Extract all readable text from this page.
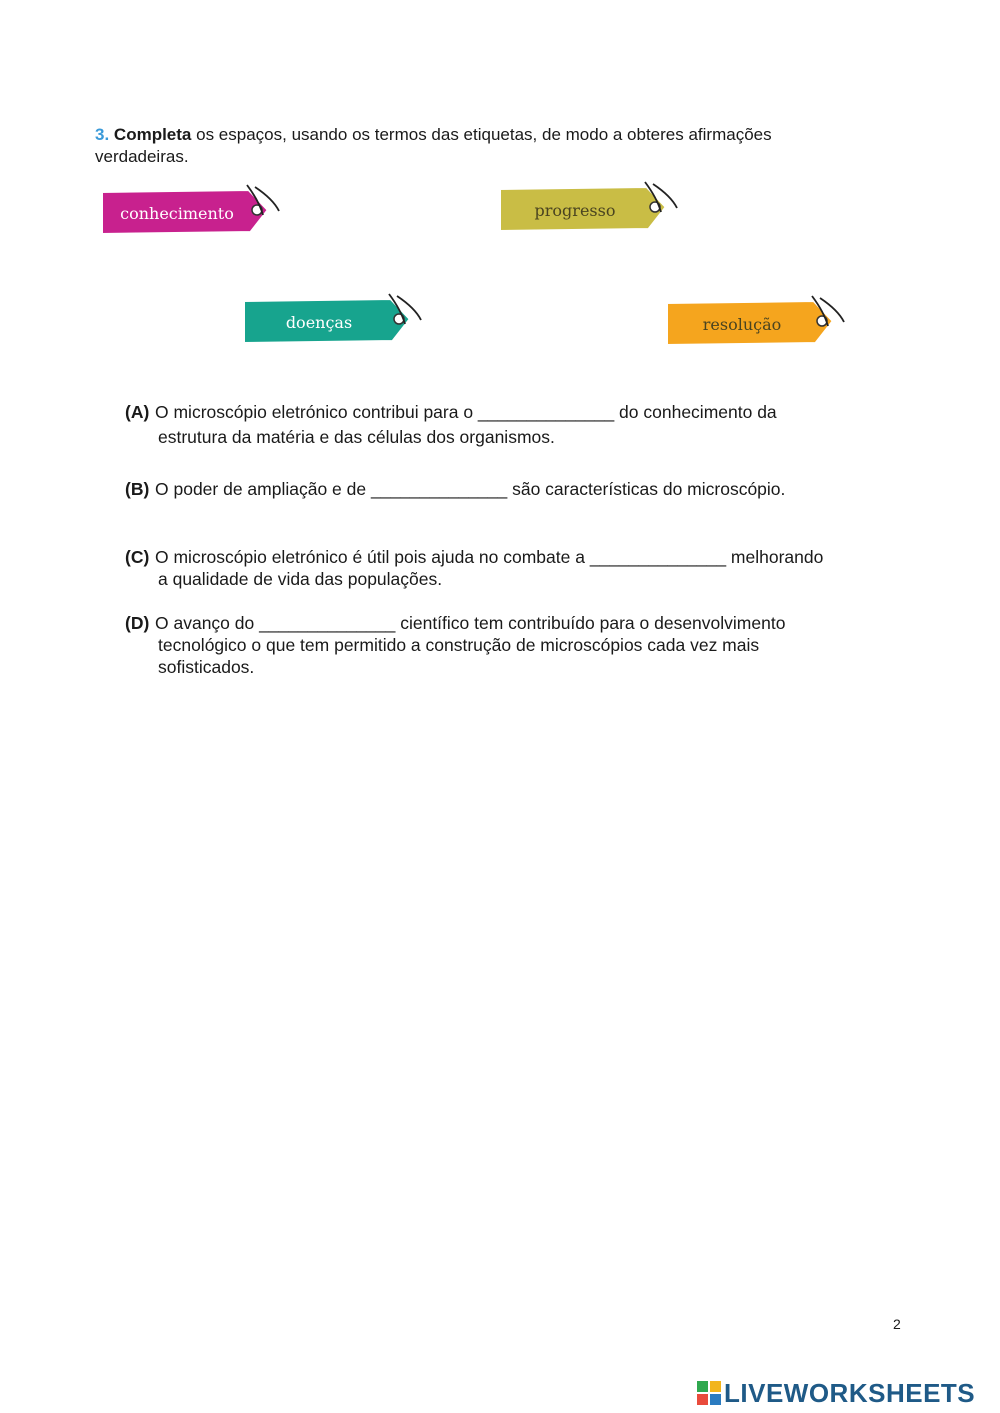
3. Completa os espaços, usando os termos das etiquetas, de modo a obteres afirmações
verdadeiras.
conhecimento	progresso
doenças	resolução
(A) O microscópio eletrónico contribui para o ______________ do conhecimento da
estrutura da matéria e das células dos organismos.
(B) O poder de ampliação e de ______________ são características do microscópio.
(C) O microscópio eletrónico é útil pois ajuda no combate a ______________ melhorando
a qualidade de vida das populações.
(D) O avanço do ______________ científico tem contribuído para o desenvolvimento
tecnológico o que tem permitido a construção de microscópios cada vez mais
sofisticados.
2
LIVEWORKSHEETS
